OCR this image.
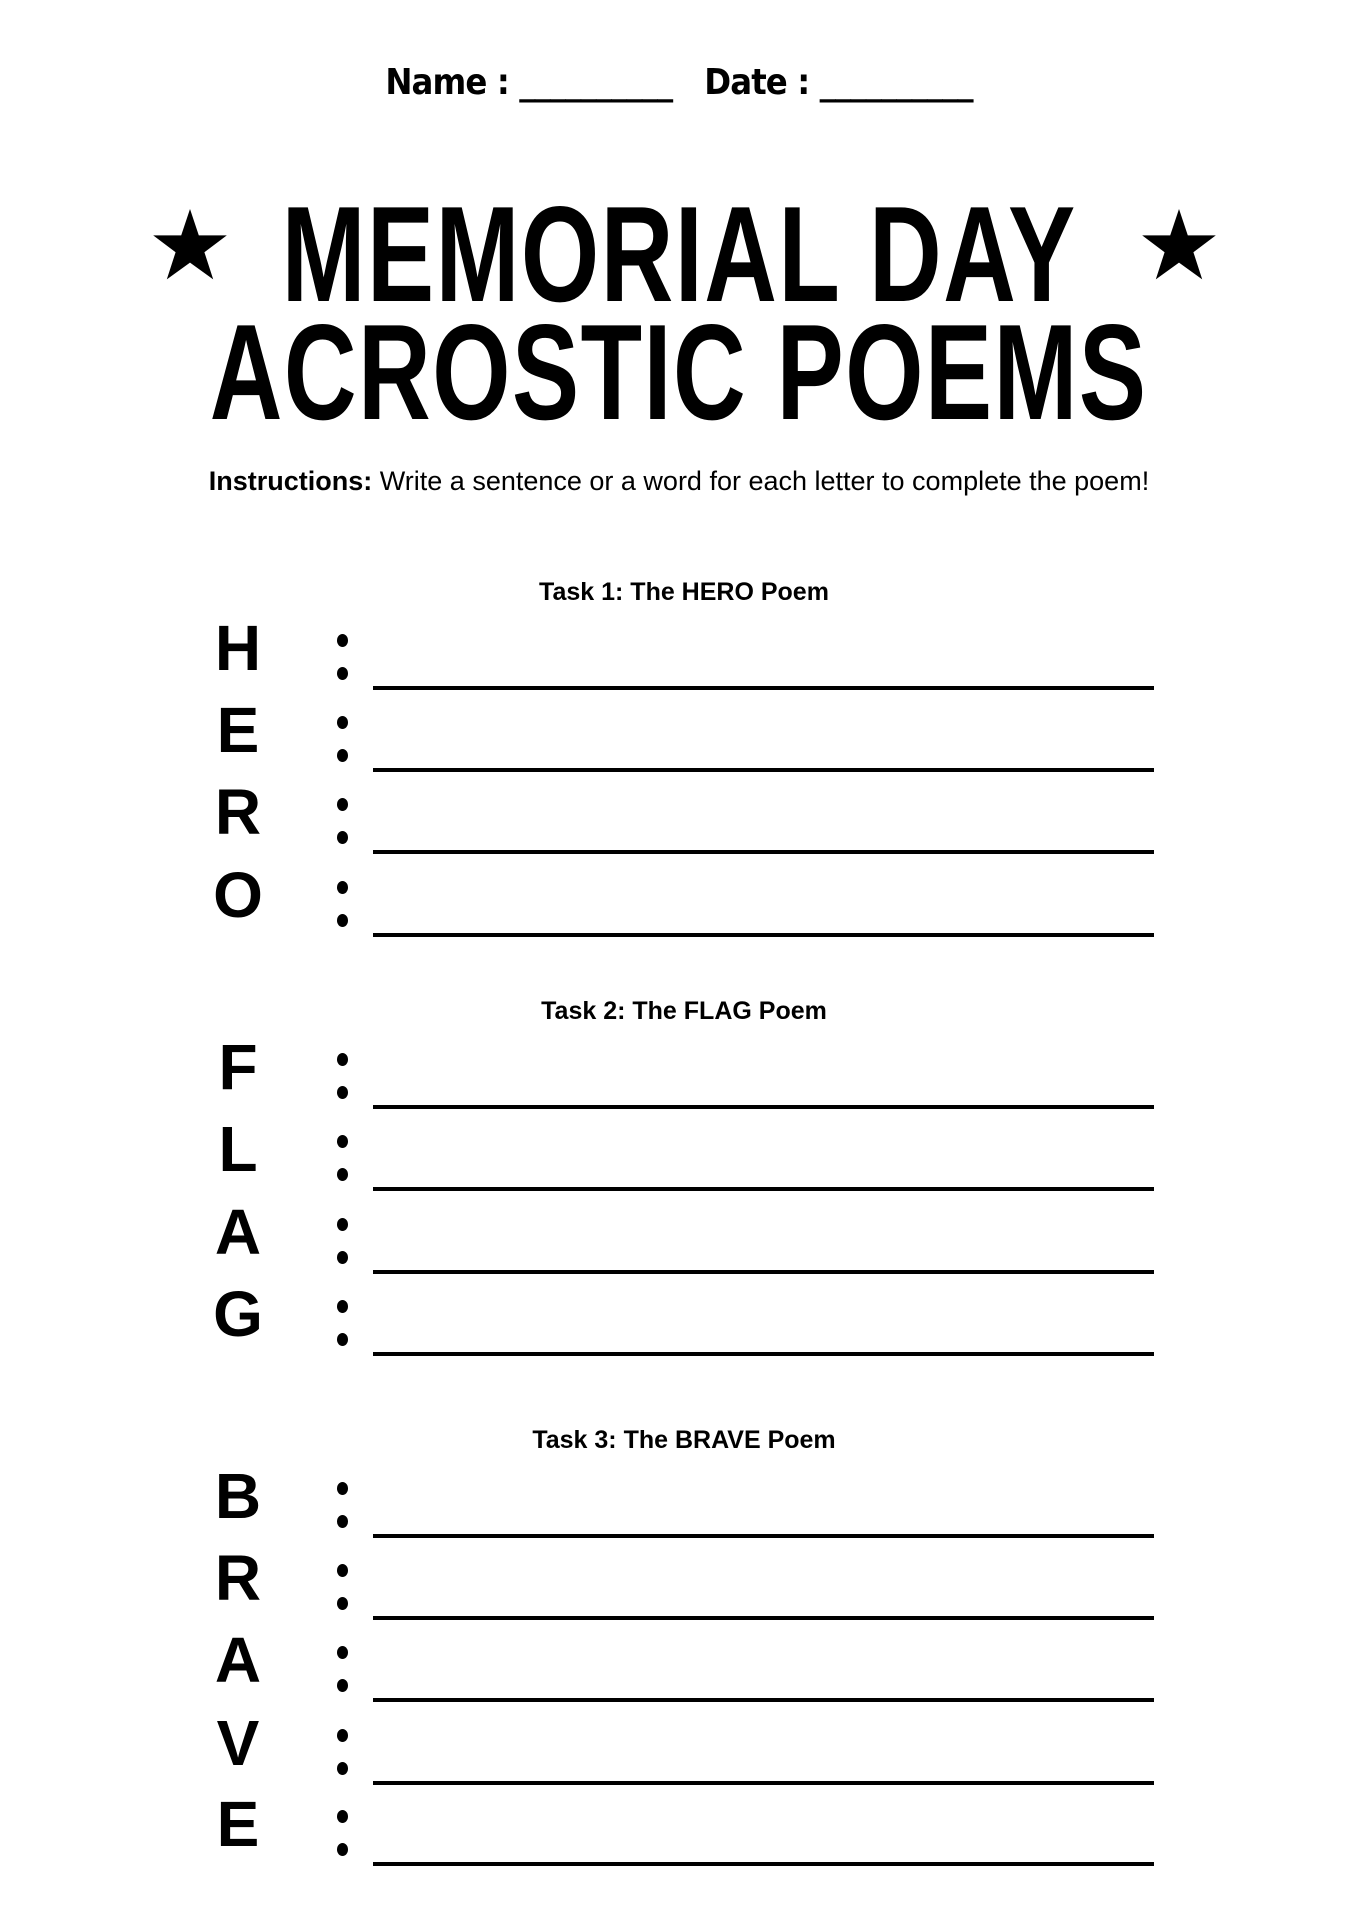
Name : __________ Date : __________
MEMORIAL DAY
ACROSTIC POEMS
Instructions: Write a sentence or a word for each letter to complete the poem!
Task 1: The HERO Poem
H
E
R
O
Task 2: The FLAG Poem
F
L
A
G
Task 3: The BRAVE Poem
B
R
A
V
E
